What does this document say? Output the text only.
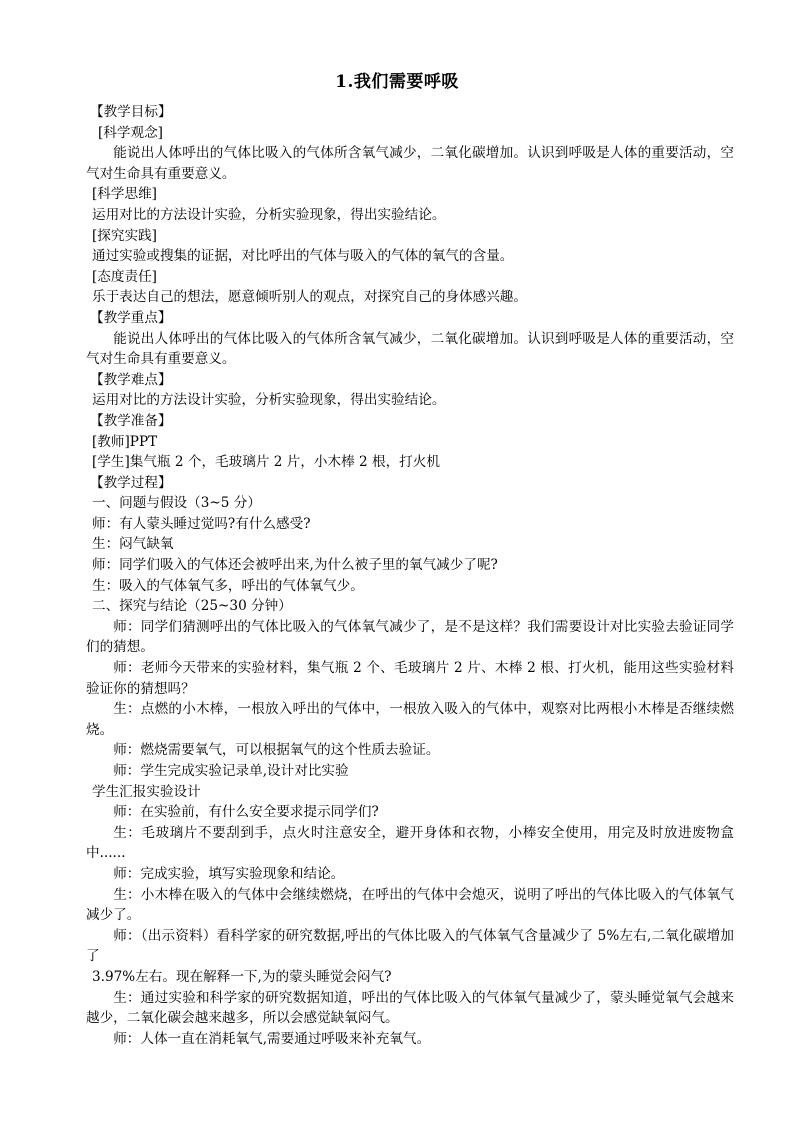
1.我们需要呼吸

【教学目标】

[科学观念]

能说出人体呼出的气体比吸入的气体所含氧气减少，二氧化碳增加。认识到呼吸是人体的重要活动，空气对生命具有重要意义。

[科学思维]

运用对比的方法设计实验，分析实验现象，得出实验结论。

[探究实践]

通过实验或搜集的证据，对比呼出的气体与吸入的气体的氧气的含量。

[态度责任]

乐于表达自己的想法，愿意倾听别人的观点，对探究自己的身体感兴趣。

【教学重点】

能说出人体呼出的气体比吸入的气体所含氧气减少，二氧化碳增加。认识到呼吸是人体的重要活动，空气对生命具有重要意义。

【教学难点】

运用对比的方法设计实验，分析实验现象，得出实验结论。

【教学准备】

[教师]PPT

[学生]集气瓶 2 个，毛玻璃片 2 片，小木棒 2 根，打火机

【教学过程】

一、问题与假设（3~5 分）

师：有人蒙头睡过觉吗?有什么感受?

生：闷气缺氧

师：同学们吸入的气体还会被呼出来,为什么被子里的氧气减少了呢?

生：吸入的气体氧气多，呼出的气体氧气少。

二、探究与结论（25~30 分钟）

师：同学们猜测呼出的气体比吸入的气体氧气减少了，是不是这样？我们需要设计对比实验去验证同学们的猜想。

师：老师今天带来的实验材料，集气瓶 2 个、毛玻璃片 2 片、木棒 2 根、打火机，能用这些实验材料验证你的猜想吗？

生：点燃的小木棒，一根放入呼出的气体中，一根放入吸入的气体中，观察对比两根小木棒是否继续燃烧。

师：燃烧需要氧气，可以根据氧气的这个性质去验证。

师：学生完成实验记录单,设计对比实验

学生汇报实验设计

师：在实验前，有什么安全要求提示同学们?

生：毛玻璃片不要刮到手，点火时注意安全，避开身体和衣物，小棒安全使用，用完及时放进废物盒中......

师：完成实验，填写实验现象和结论。

生：小木棒在吸入的气体中会继续燃烧，在呼出的气体中会熄灭，说明了呼出的气体比吸入的气体氧气减少了。

师：（出示资料）看科学家的研究数据,呼出的气体比吸入的气体氧气含量减少了 5%左右,二氧化碳增加了

3.97%左右。现在解释一下,为的蒙头睡觉会闷气?

生：通过实验和科学家的研究数据知道，呼出的气体比吸入的气体氧气量减少了，蒙头睡觉氧气会越来越少，二氧化碳会越来越多，所以会感觉缺氧闷气。

师：人体一直在消耗氧气,需要通过呼吸来补充氧气。
